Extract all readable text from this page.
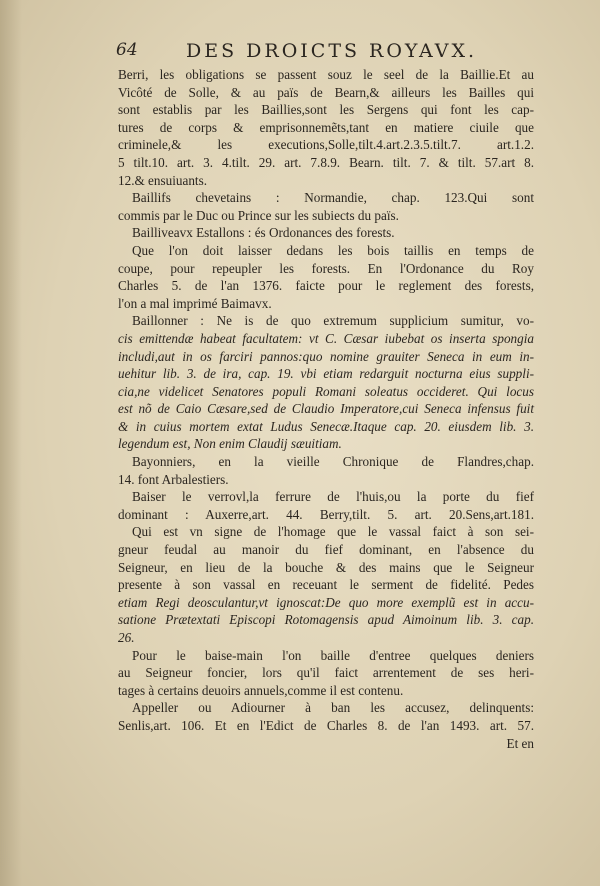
64	DES DROICTS ROYAVX.
Berri, les obligations se passent souz le seel de la Baillie.Et au
Vicôté de Solle, & au païs de Bearn,& ailleurs les Bailles qui
sont establis par les Baillies,sont les Sergens qui font les cap-
tures de corps & emprisonnemẽts,tant en matiere ciuile que
criminele,& les executions,Solle,tilt.4.art.2.3.5.tilt.7. art.1.2.
5 tilt.10. art. 3. 4.tilt. 29. art. 7.8.9. Bearn. tilt. 7. & tilt. 57.art 8.
12.& ensuiuants.
Baillifs chevetains : Normandie, chap. 123.Qui sont
commis par le Duc ou Prince sur les subiects du païs.
Bailliveavx Estallons : és Ordonances des forests.
Que l'on doit laisser dedans les bois taillis en temps de
coupe, pour repeupler les forests. En l'Ordonance du Roy
Charles 5. de l'an 1376. faicte pour le reglement des forests,
l'on a mal imprimé Baimavx.
Baillonner : Ne is de quo extremum supplicium sumitur, vo-
cis emittendæ habeat facultatem: vt C. Cæsar iubebat os inserta spongia
includi,aut in os farciri pannos:quo nomine grauiter Seneca in eum in-
uehitur lib. 3. de ira, cap. 19. vbi etiam redarguit nocturna eius suppli-
cia,ne videlicet Senatores populi Romani soleatus occideret. Qui locus
est nõ de Caio Cæsare,sed de Claudio Imperatore,cui Seneca infensus fuit
& in cuius mortem extat Ludus Senecæ.Itaque cap. 20. eiusdem lib. 3.
legendum est, Non enim Claudij sæuitiam.
Bayonniers, en la vieille Chronique de Flandres,chap.
14. font Arbalestiers.
Baiser le verrovl,la ferrure de l'huis,ou la porte du fief
dominant : Auxerre,art. 44. Berry,tilt. 5. art. 20.Sens,art.181.
Qui est vn signe de l'homage que le vassal faict à son sei-
gneur feudal au manoir du fief dominant, en l'absence du
Seigneur, en lieu de la bouche & des mains que le Seigneur
presente à son vassal en receuant le serment de fidelité. Pedes
etiam Regi deosculantur,vt ignoscat:De quo more exemplũ est in accu-
satione Prætextati Episcopi Rotomagensis apud Aimoinum lib. 3. cap.
26.
Pour le baise-main l'on baille d'entree quelques deniers
au Seigneur foncier, lors qu'il faict arrentement de ses heri-
tages à certains deuoirs annuels,comme il est contenu.
Appeller ou Adiourner à ban les accusez, delinquents:
Senlis,art. 106. Et en l'Edict de Charles 8. de l'an 1493. art. 57.
Et en
